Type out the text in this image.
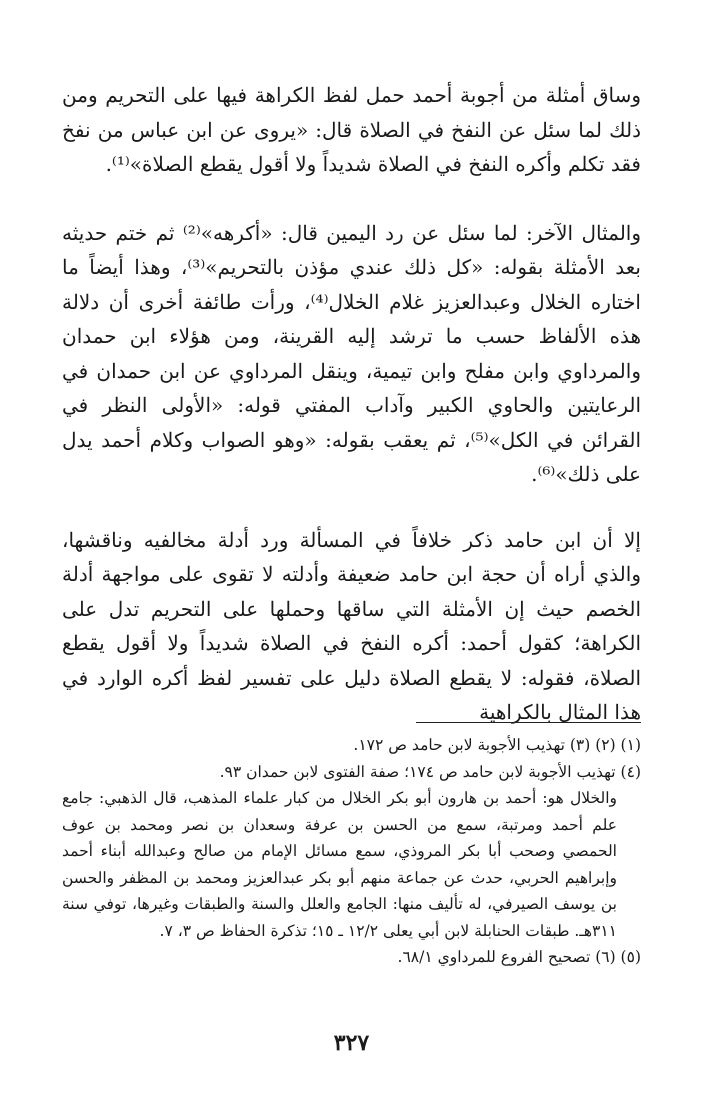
وساق أمثلة من أجوبة أحمد حمل لفظ الكراهة فيها على التحريم ومن ذلك لما سئل عن النفخ في الصلاة قال: «يروى عن ابن عباس من نفخ فقد تكلم وأكره النفخ في الصلاة شديداً ولا أقول يقطع الصلاة»⁽¹⁾.

والمثال الآخر: لما سئل عن رد اليمين قال: «أكرهه»⁽²⁾ ثم ختم حديثه بعد الأمثلة بقوله: «كل ذلك عندي مؤذن بالتحريم»⁽³⁾، وهذا أيضاً ما اختاره الخلال وعبدالعزيز غلام الخلال⁽⁴⁾، ورأت طائفة أخرى أن دلالة هذه الألفاظ حسب ما ترشد إليه القرينة، ومن هؤلاء ابن حمدان والمرداوي وابن مفلح وابن تيمية، وينقل المرداوي عن ابن حمدان في الرعايتين والحاوي الكبير وآداب المفتي قوله: «الأولى النظر في القرائن في الكل»⁽⁵⁾، ثم يعقب بقوله: «وهو الصواب وكلام أحمد يدل على ذلك»⁽⁶⁾.

إلا أن ابن حامد ذكر خلافاً في المسألة ورد أدلة مخالفيه وناقشها، والذي أراه أن حجة ابن حامد ضعيفة وأدلته لا تقوى على مواجهة أدلة الخصم حيث إن الأمثلة التي ساقها وحملها على التحريم تدل على الكراهة؛ كقول أحمد: أكره النفخ في الصلاة شديداً ولا أقول يقطع الصلاة، فقوله: لا يقطع الصلاة دليل على تفسير لفظ أكره الوارد في هذا المثال بالكراهية

(١) (٢) (٣) تهذيب الأجوبة لابن حامد ص ١٧٢.

(٤) تهذيب الأجوبة لابن حامد ص ١٧٤؛ صفة الفتوى لابن حمدان ٩٣.

والخلال هو: أحمد بن هارون أبو بكر الخلال من كبار علماء المذهب، قال الذهبي: جامع علم أحمد ومرتبة، سمع من الحسن بن عرفة وسعدان بن نصر ومحمد بن عوف الحمصي وصحب أبا بكر المروذي، سمع مسائل الإمام من صالح وعبدالله أبناء أحمد وإبراهيم الحربي، حدث عن جماعة منهم أبو بكر عبدالعزيز ومحمد بن المظفر والحسن بن يوسف الصيرفي، له تأليف منها: الجامع والعلل والسنة والطبقات وغيرها، توفي سنة ٣١١هـ. طبقات الحنابلة لابن أبي يعلى ١٢/٢ ـ ١٥؛ تذكرة الحفاظ ص ٣، ٧.

(٥) (٦) تصحيح الفروع للمرداوي ٦٨/١.

٣٢٧
